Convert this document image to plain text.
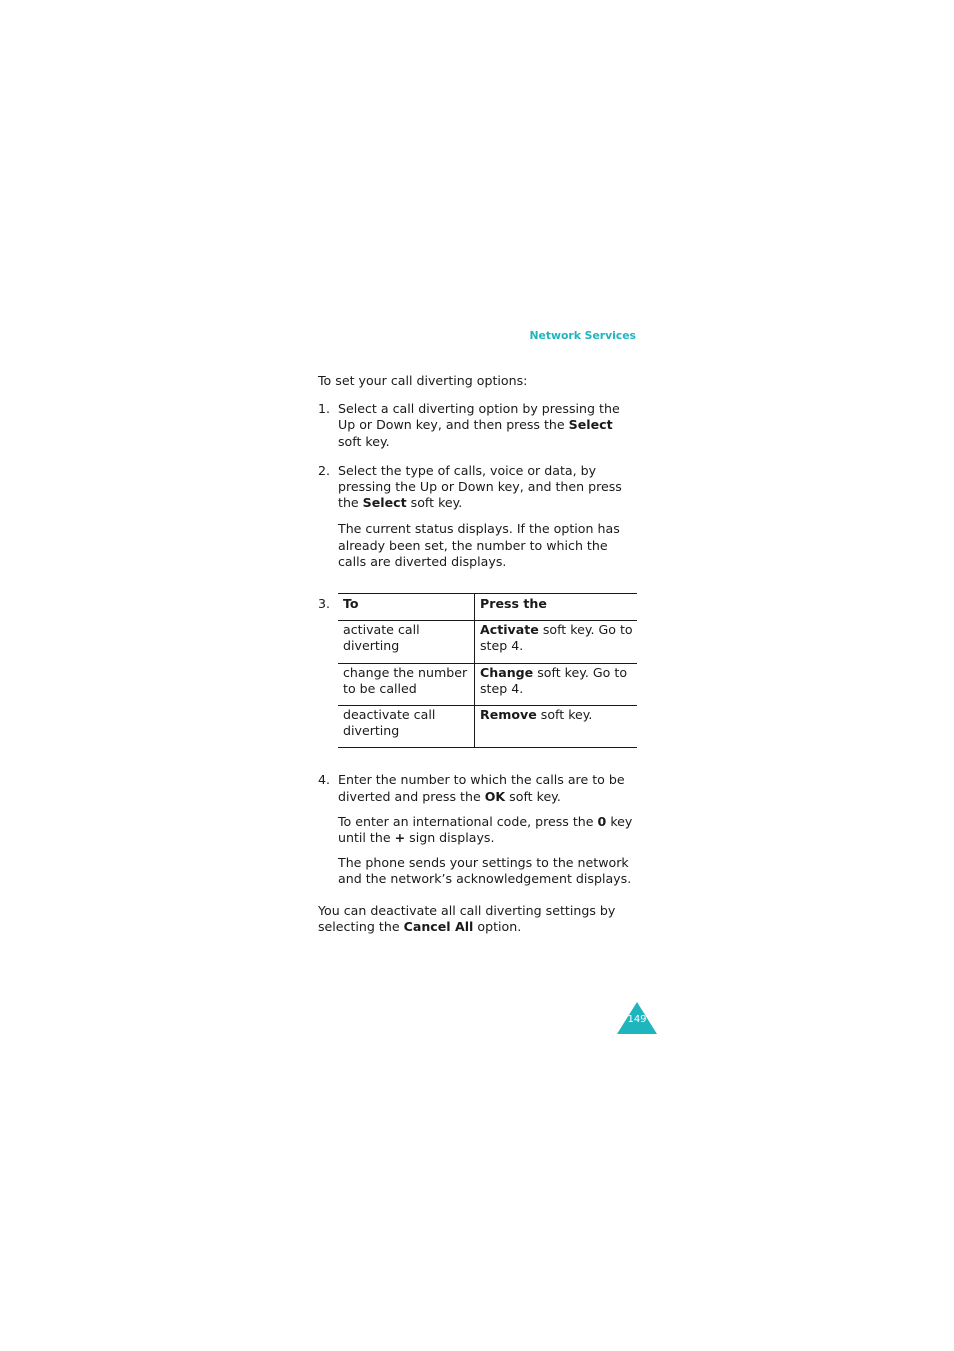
Network Services

To set your call diverting options:

1. Select a call diverting option by pressing the Up or Down key, and then press the Select soft key.

2. Select the type of calls, voice or data, by pressing the Up or Down key, and then press the Select soft key.

The current status displays. If the option has already been set, the number to which the calls are diverted displays.

3. To	Press the
activate call diverting	Activate soft key. Go to step 4.
change the number to be called	Change soft key. Go to step 4.
deactivate call diverting	Remove soft key.
4. Enter the number to which the calls are to be diverted and press the OK soft key.

To enter an international code, press the 0 key until the + sign displays.

The phone sends your settings to the network and the network’s acknowledgement displays.

You can deactivate all call diverting settings by selecting the Cancel All option.

149
